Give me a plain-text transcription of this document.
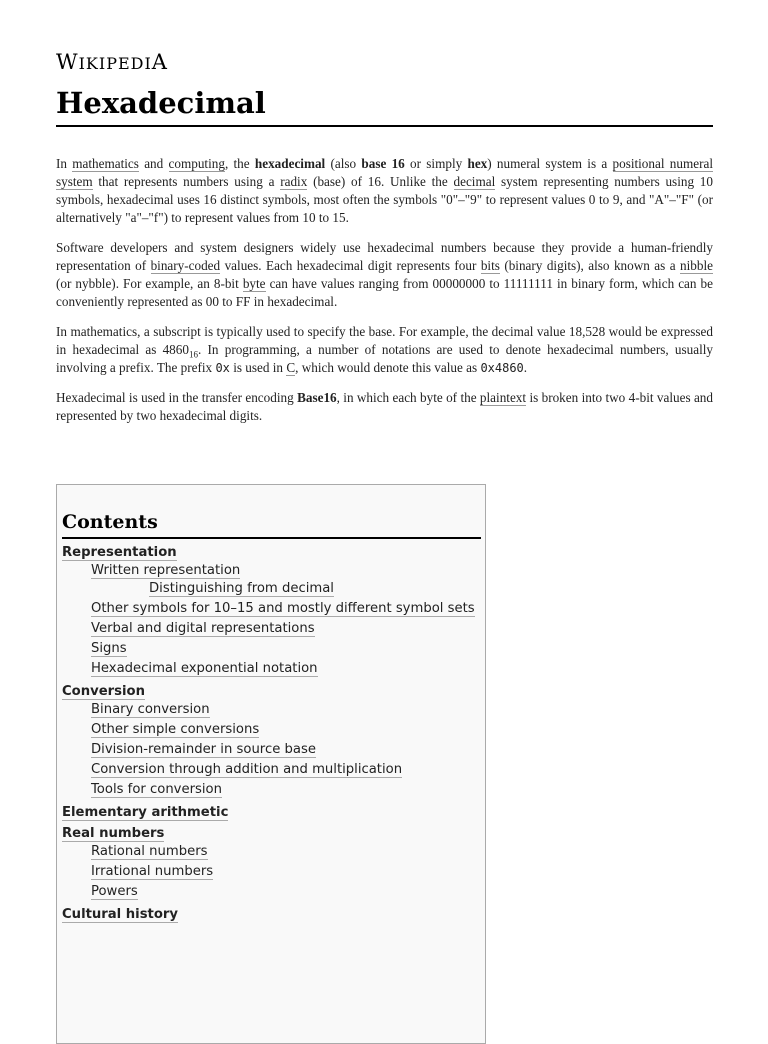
WIKIPEDIA
Hexadecimal

In mathematics and computing, the hexadecimal (also base 16 or simply hex) numeral system is a positional numeral system that represents numbers using a radix (base) of 16. Unlike the decimal system representing numbers using 10 symbols, hexadecimal uses 16 distinct symbols, most often the symbols "0"–"9" to represent values 0 to 9, and "A"–"F" (or alternatively "a"–"f") to represent values from 10 to 15.

Software developers and system designers widely use hexadecimal numbers because they provide a human-friendly representation of binary-coded values. Each hexadecimal digit represents four bits (binary digits), also known as a nibble (or nybble). For example, an 8-bit byte can have values ranging from 00000000 to 11111111 in binary form, which can be conveniently represented as 00 to FF in hexadecimal.

In mathematics, a subscript is typically used to specify the base. For example, the decimal value 18,528 would be expressed in hexadecimal as $4860_{16}$. In programming, a number of notations are used to denote hexadecimal numbers, usually involving a prefix. The prefix 0x is used in C, which would denote this value as 0x4860.

Hexadecimal is used in the transfer encoding Base16, in which each byte of the plaintext is broken into two 4-bit values and represented by two hexadecimal digits.

Contents
Representation
Written representation
Distinguishing from decimal
Other symbols for 10–15 and mostly different symbol sets
Verbal and digital representations
Signs
Hexadecimal exponential notation
Conversion
Binary conversion
Other simple conversions
Division-remainder in source base
Conversion through addition and multiplication
Tools for conversion
Elementary arithmetic
Real numbers
Rational numbers
Irrational numbers
Powers
Cultural history
